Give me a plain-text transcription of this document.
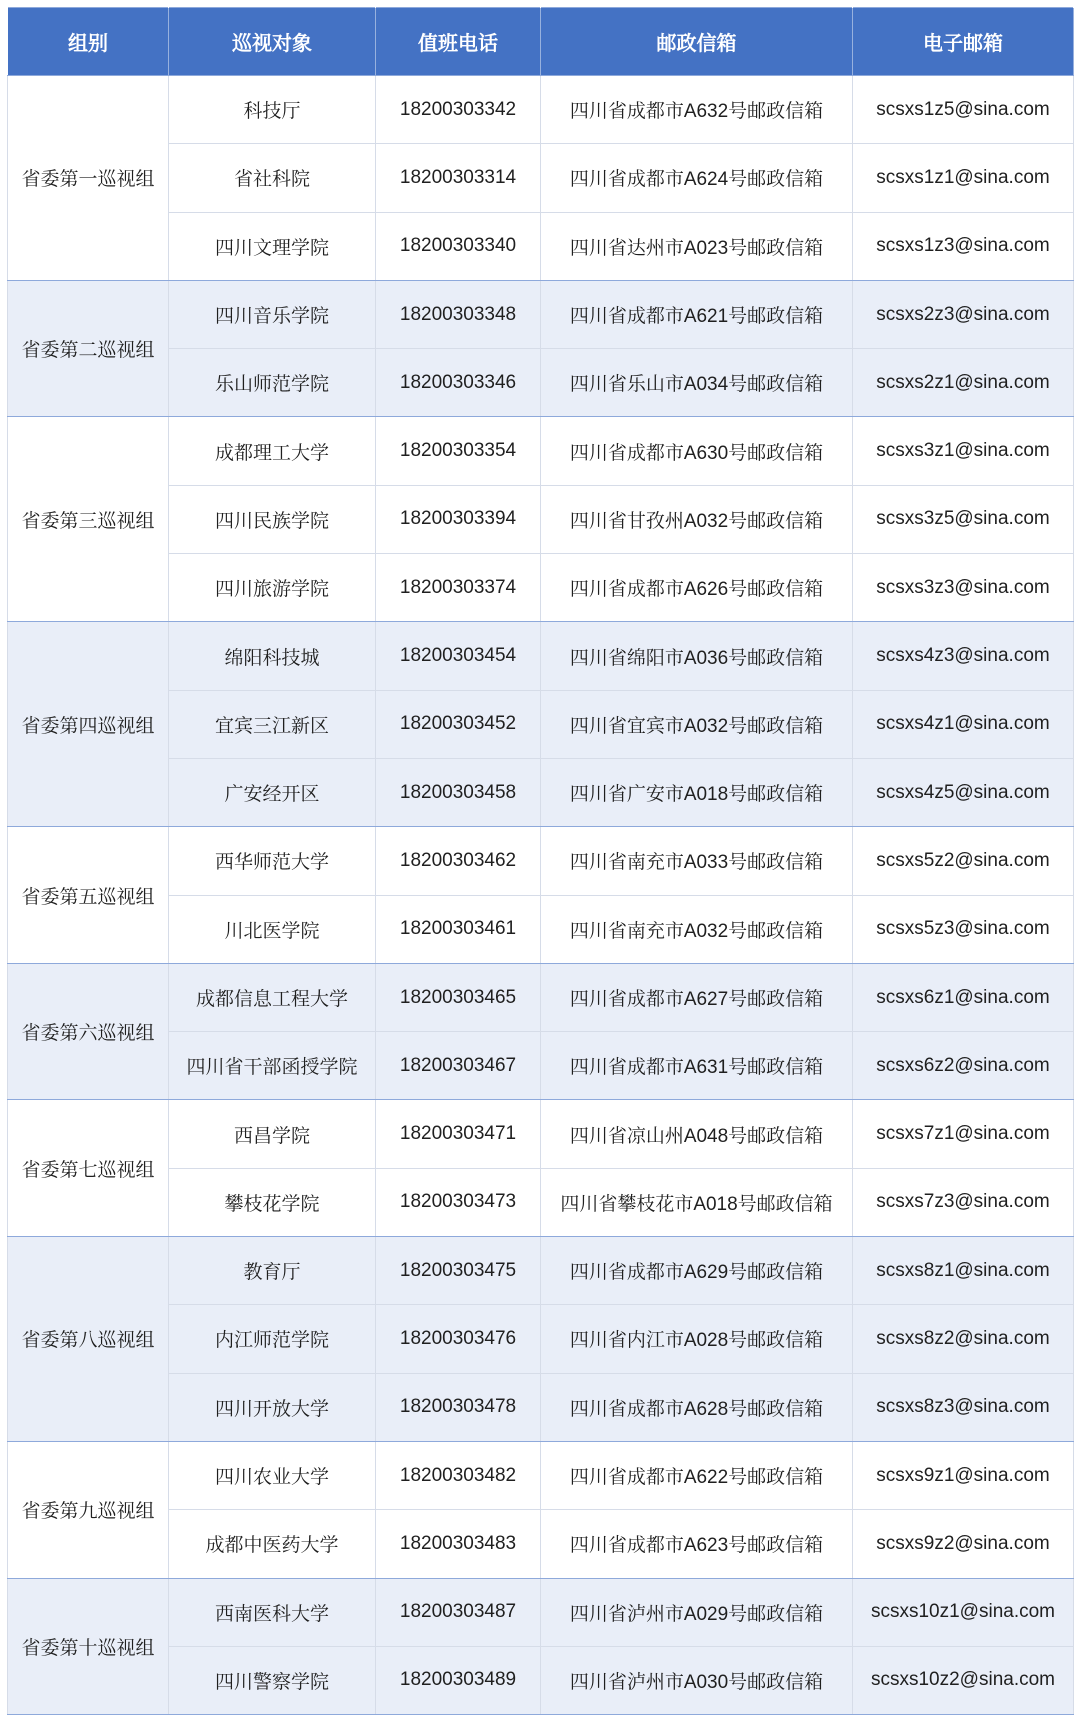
组别	巡视对象	值班电话	邮政信箱	电子邮箱
省委第一巡视组	科技厅	18200303342	四川省成都市A632号邮政信箱	scsxs1z5@sina.com
	省社科院	18200303314	四川省成都市A624号邮政信箱	scsxs1z1@sina.com
	四川文理学院	18200303340	四川省达州市A023号邮政信箱	scsxs1z3@sina.com
省委第二巡视组	四川音乐学院	18200303348	四川省成都市A621号邮政信箱	scsxs2z3@sina.com
	乐山师范学院	18200303346	四川省乐山市A034号邮政信箱	scsxs2z1@sina.com
省委第三巡视组	成都理工大学	18200303354	四川省成都市A630号邮政信箱	scsxs3z1@sina.com
	四川民族学院	18200303394	四川省甘孜州A032号邮政信箱	scsxs3z5@sina.com
	四川旅游学院	18200303374	四川省成都市A626号邮政信箱	scsxs3z3@sina.com
省委第四巡视组	绵阳科技城	18200303454	四川省绵阳市A036号邮政信箱	scsxs4z3@sina.com
	宜宾三江新区	18200303452	四川省宜宾市A032号邮政信箱	scsxs4z1@sina.com
	广安经开区	18200303458	四川省广安市A018号邮政信箱	scsxs4z5@sina.com
省委第五巡视组	西华师范大学	18200303462	四川省南充市A033号邮政信箱	scsxs5z2@sina.com
	川北医学院	18200303461	四川省南充市A032号邮政信箱	scsxs5z3@sina.com
省委第六巡视组	成都信息工程大学	18200303465	四川省成都市A627号邮政信箱	scsxs6z1@sina.com
	四川省干部函授学院	18200303467	四川省成都市A631号邮政信箱	scsxs6z2@sina.com
省委第七巡视组	西昌学院	18200303471	四川省凉山州A048号邮政信箱	scsxs7z1@sina.com
	攀枝花学院	18200303473	四川省攀枝花市A018号邮政信箱	scsxs7z3@sina.com
省委第八巡视组	教育厅	18200303475	四川省成都市A629号邮政信箱	scsxs8z1@sina.com
	内江师范学院	18200303476	四川省内江市A028号邮政信箱	scsxs8z2@sina.com
	四川开放大学	18200303478	四川省成都市A628号邮政信箱	scsxs8z3@sina.com
省委第九巡视组	四川农业大学	18200303482	四川省成都市A622号邮政信箱	scsxs9z1@sina.com
	成都中医药大学	18200303483	四川省成都市A623号邮政信箱	scsxs9z2@sina.com
省委第十巡视组	西南医科大学	18200303487	四川省泸州市A029号邮政信箱	scsxs10z1@sina.com
	四川警察学院	18200303489	四川省泸州市A030号邮政信箱	scsxs10z2@sina.com
